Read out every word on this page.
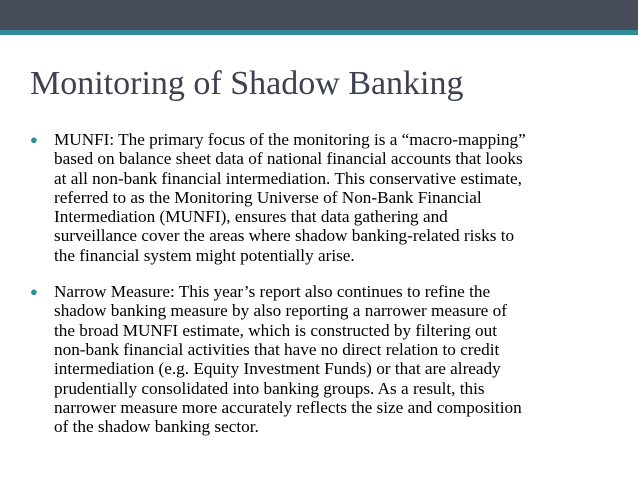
Monitoring of Shadow Banking
● MUNFI: The primary focus of the monitoring is a “macro-mapping”
based on balance sheet data of national financial accounts that looks
at all non-bank financial intermediation. This conservative estimate,
referred to as the Monitoring Universe of Non-Bank Financial
Intermediation (MUNFI), ensures that data gathering and
surveillance cover the areas where shadow banking-related risks to
the financial system might potentially arise.
● Narrow Measure: This year’s report also continues to refine the
shadow banking measure by also reporting a narrower measure of
the broad MUNFI estimate, which is constructed by filtering out
non-bank financial activities that have no direct relation to credit
intermediation (e.g. Equity Investment Funds) or that are already
prudentially consolidated into banking groups. As a result, this
narrower measure more accurately reflects the size and composition
of the shadow banking sector.
